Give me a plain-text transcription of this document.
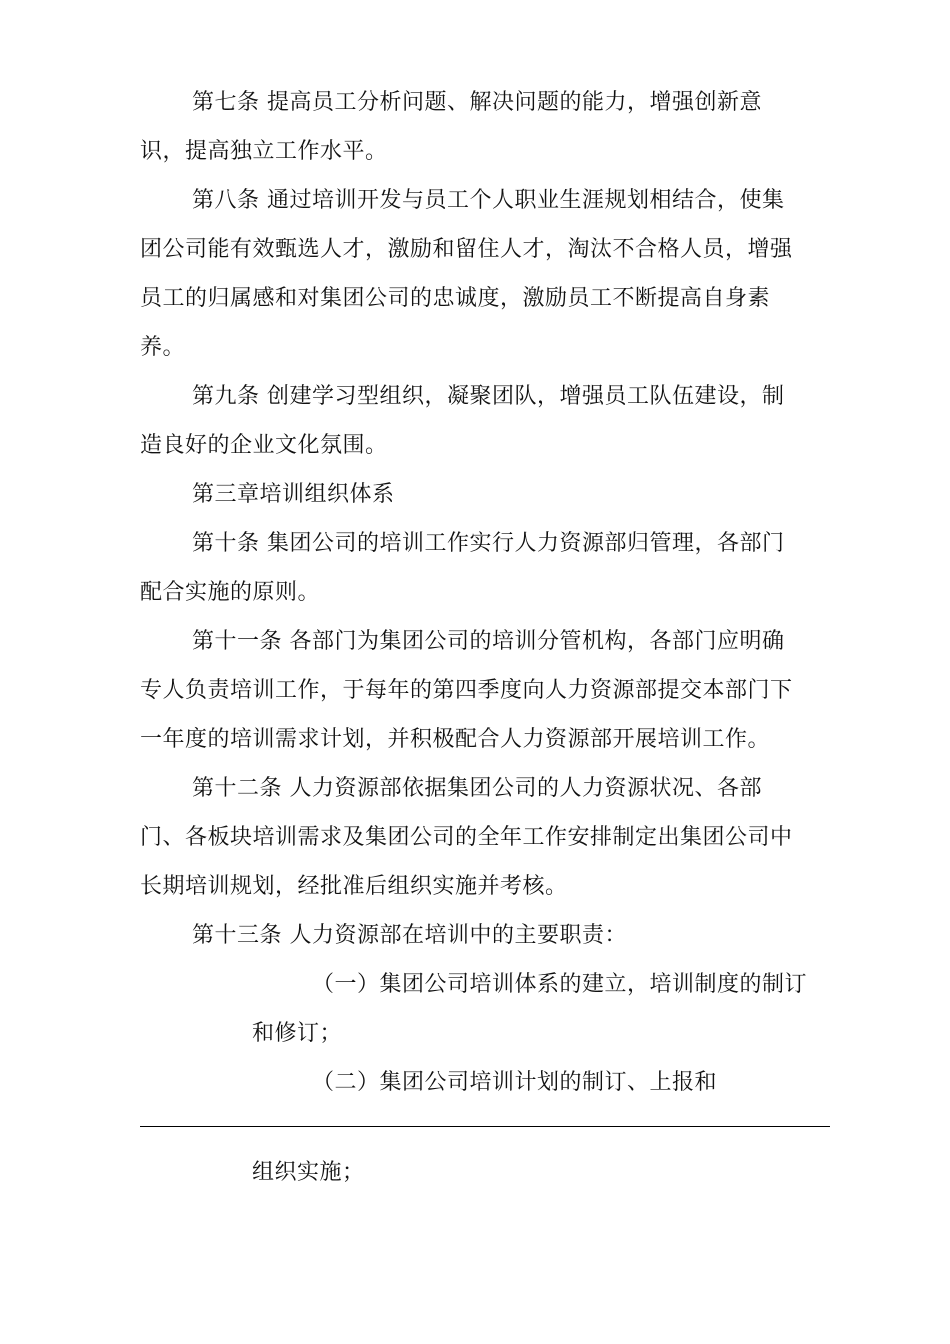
第七条 提高员工分析问题、解决问题的能力，增强创新意
识，提高独立工作水平。
第八条 通过培训开发与员工个人职业生涯规划相结合，使集
团公司能有效甄选人才，激励和留住人才，淘汰不合格人员，增强
员工的归属感和对集团公司的忠诚度，激励员工不断提高自身素
养。
第九条 创建学习型组织，凝聚团队，增强员工队伍建设，制
造良好的企业文化氛围。
第三章培训组织体系
第十条 集团公司的培训工作实行人力资源部归管理，各部门
配合实施的原则。
第十一条 各部门为集团公司的培训分管机构，各部门应明确
专人负责培训工作，于每年的第四季度向人力资源部提交本部门下
一年度的培训需求计划，并积极配合人力资源部开展培训工作。
第十二条 人力资源部依据集团公司的人力资源状况、各部
门、各板块培训需求及集团公司的全年工作安排制定出集团公司中
长期培训规划，经批准后组织实施并考核。
第十三条 人力资源部在培训中的主要职责：
（一）集团公司培训体系的建立，培训制度的制订
和修订；
（二）集团公司培训计划的制订、上报和
组织实施；
